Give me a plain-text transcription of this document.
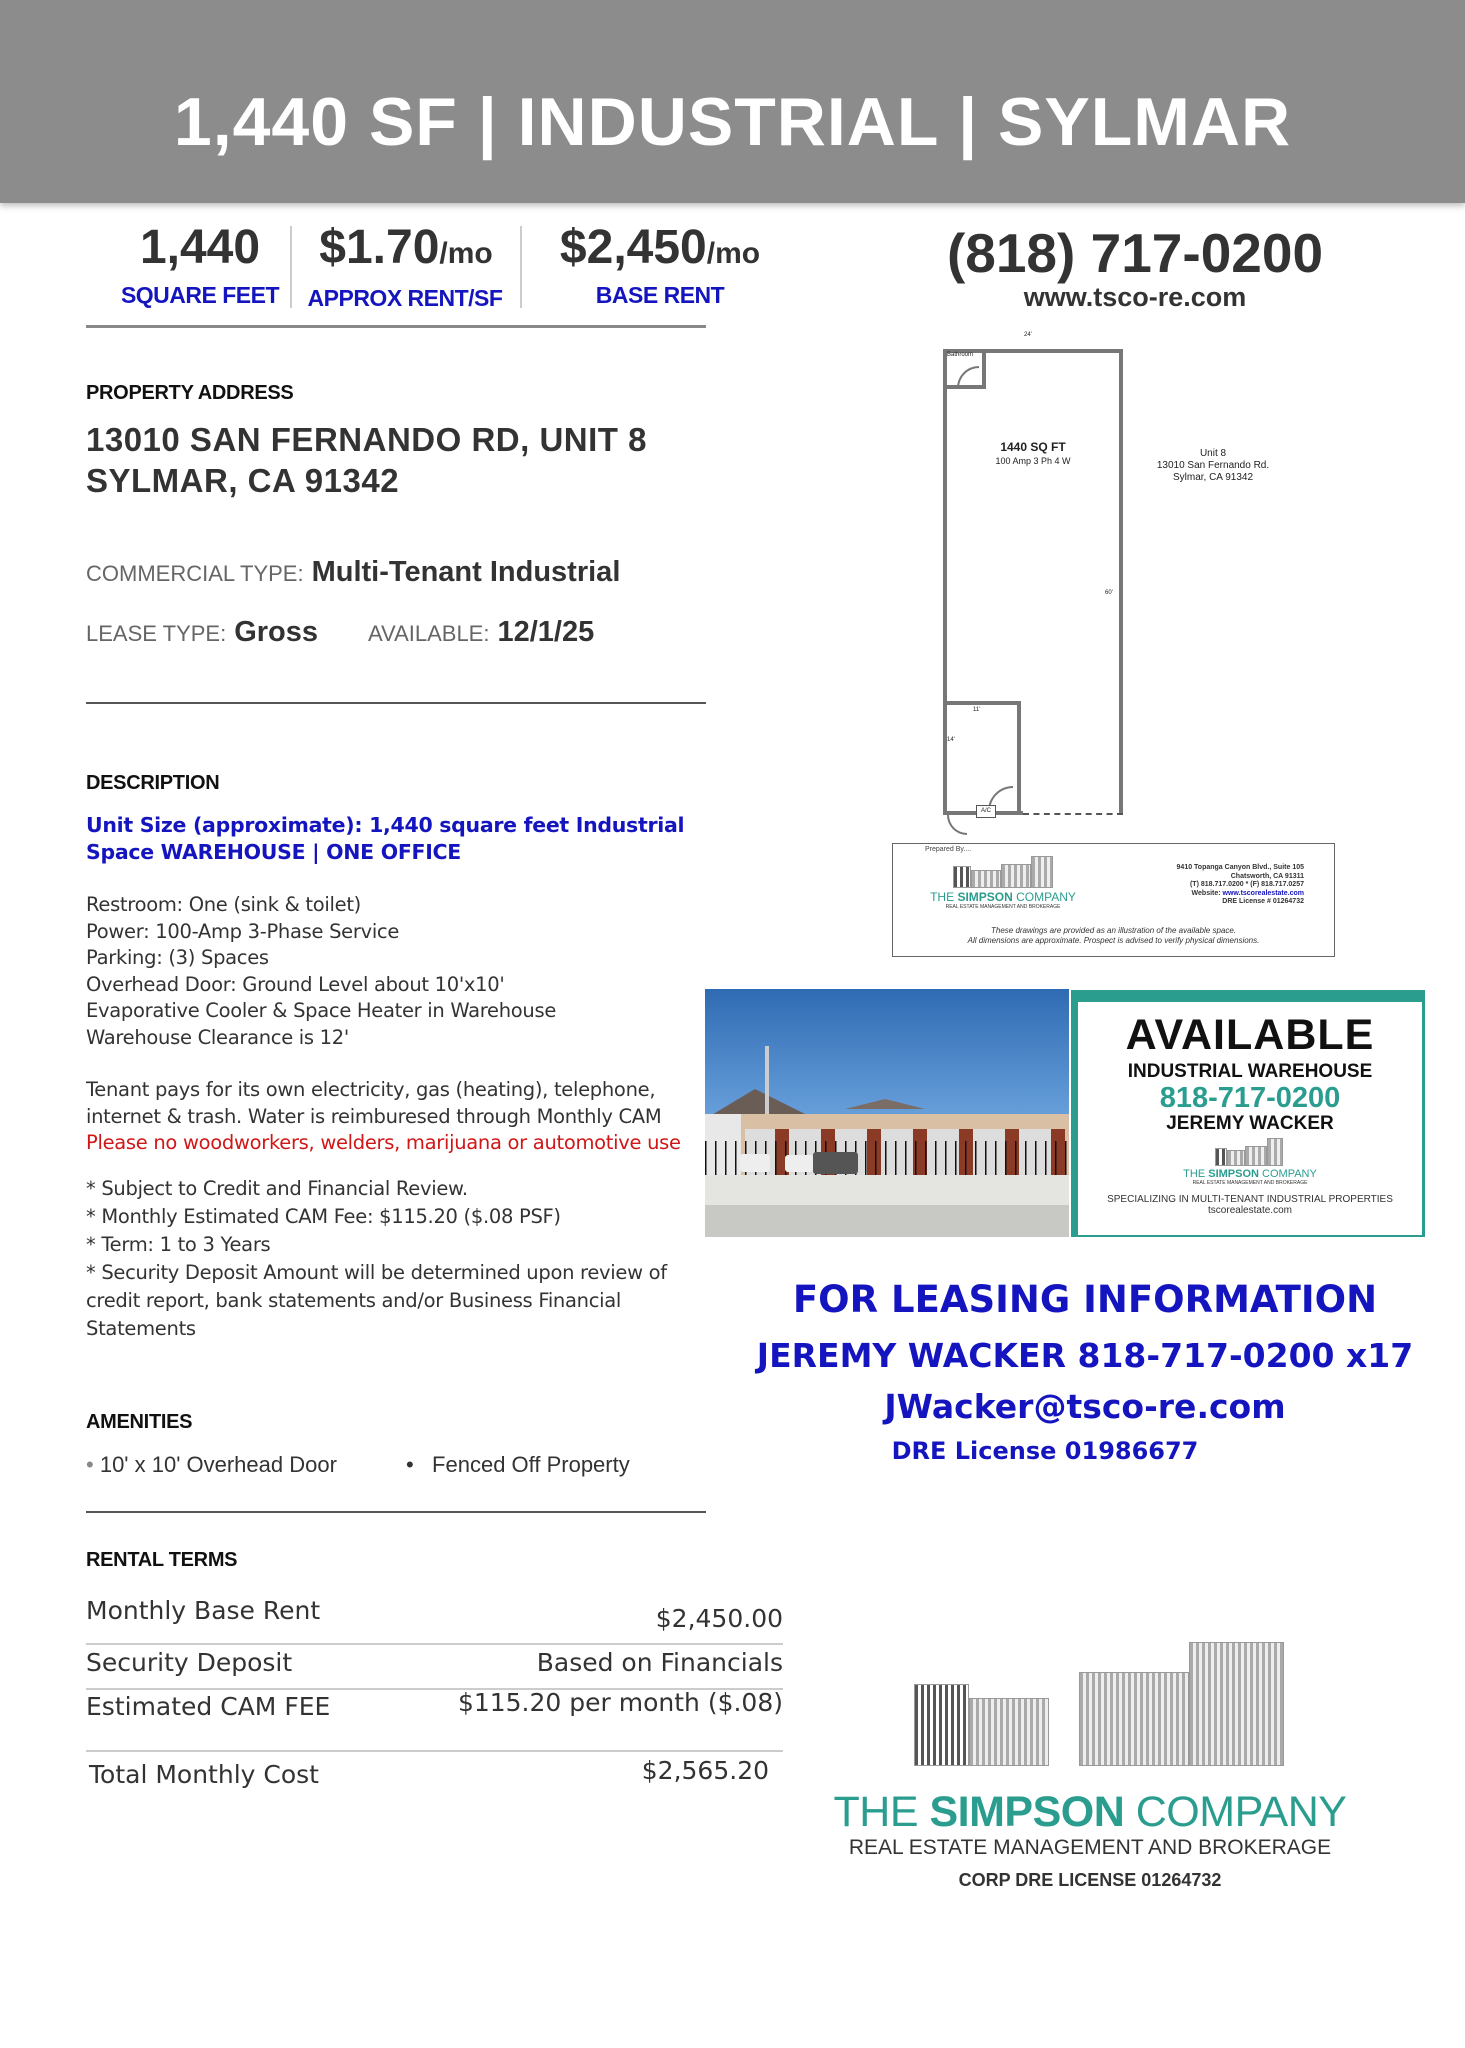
1,440 SF | INDUSTRIAL | SYLMAR
1,440
SQUARE FEET
$1.70/mo
APPROX RENT/SF
$2,450/mo
BASE RENT
(818) 717-0200
www.tsco-re.com
PROPERTY ADDRESS
13010 SAN FERNANDO RD, UNIT 8
SYLMAR, CA 91342
COMMERCIAL TYPE: Multi-Tenant Industrial
LEASE TYPE: Gross AVAILABLE: 12/1/25
DESCRIPTION
Unit Size (approximate): 1,440 square feet Industrial
Space WAREHOUSE | ONE OFFICE
Restroom: One (sink & toilet)
Power: 100-Amp 3-Phase Service
Parking: (3) Spaces
Overhead Door: Ground Level about 10'x10'
Evaporative Cooler & Space Heater in Warehouse
Warehouse Clearance is 12'
Tenant pays for its own electricity, gas (heating), telephone,
internet & trash. Water is reimburesed through Monthly CAM
Please no woodworkers, welders, marijuana or automotive use
* Subject to Credit and Financial Review.
* Monthly Estimated CAM Fee: $115.20 ($.08 PSF)
* Term: 1 to 3 Years
* Security Deposit Amount will be determined upon review of
credit report, bank statements and/or Business Financial
Statements
AMENITIES
• 10' x 10' Overhead Door	•   Fenced Off Property
RENTAL TERMS
Monthly Base Rent	$2,450.00
Security Deposit	Based on Financials
Estimated CAM FEE	$115.20 per month ($.08)
Total Monthly Cost	$2,565.20
24'
Bathroom
1440 SQ FT
100 Amp 3 Ph 4 W
Unit 8
13010 San Fernando Rd.
Sylmar, CA 91342
60'
11'
14'
A/C
Prepared By....
THE SIMPSON COMPANY
REAL ESTATE MANAGEMENT AND BROKERAGE
9410 Topanga Canyon Blvd., Suite 105
Chatsworth, CA 91311
(T) 818.717.0200 * (F) 818.717.0257
Website: www.tscorealestate.com
DRE License # 01264732
These drawings are provided as an illustration of the available space.
All dimensions are approximate. Prospect is advised to verify physical dimensions.
AVAILABLE
INDUSTRIAL WAREHOUSE
818-717-0200
JEREMY WACKER
THE SIMPSON COMPANY
REAL ESTATE MANAGEMENT AND BROKERAGE
SPECIALIZING IN MULTI-TENANT INDUSTRIAL PROPERTIES
tscorealestate.com
FOR LEASING INFORMATION
JEREMY WACKER 818-717-0200 x17
JWacker@tsco-re.com
DRE License 01986677
THE SIMPSON COMPANY
REAL ESTATE MANAGEMENT AND BROKERAGE
CORP DRE LICENSE 01264732
